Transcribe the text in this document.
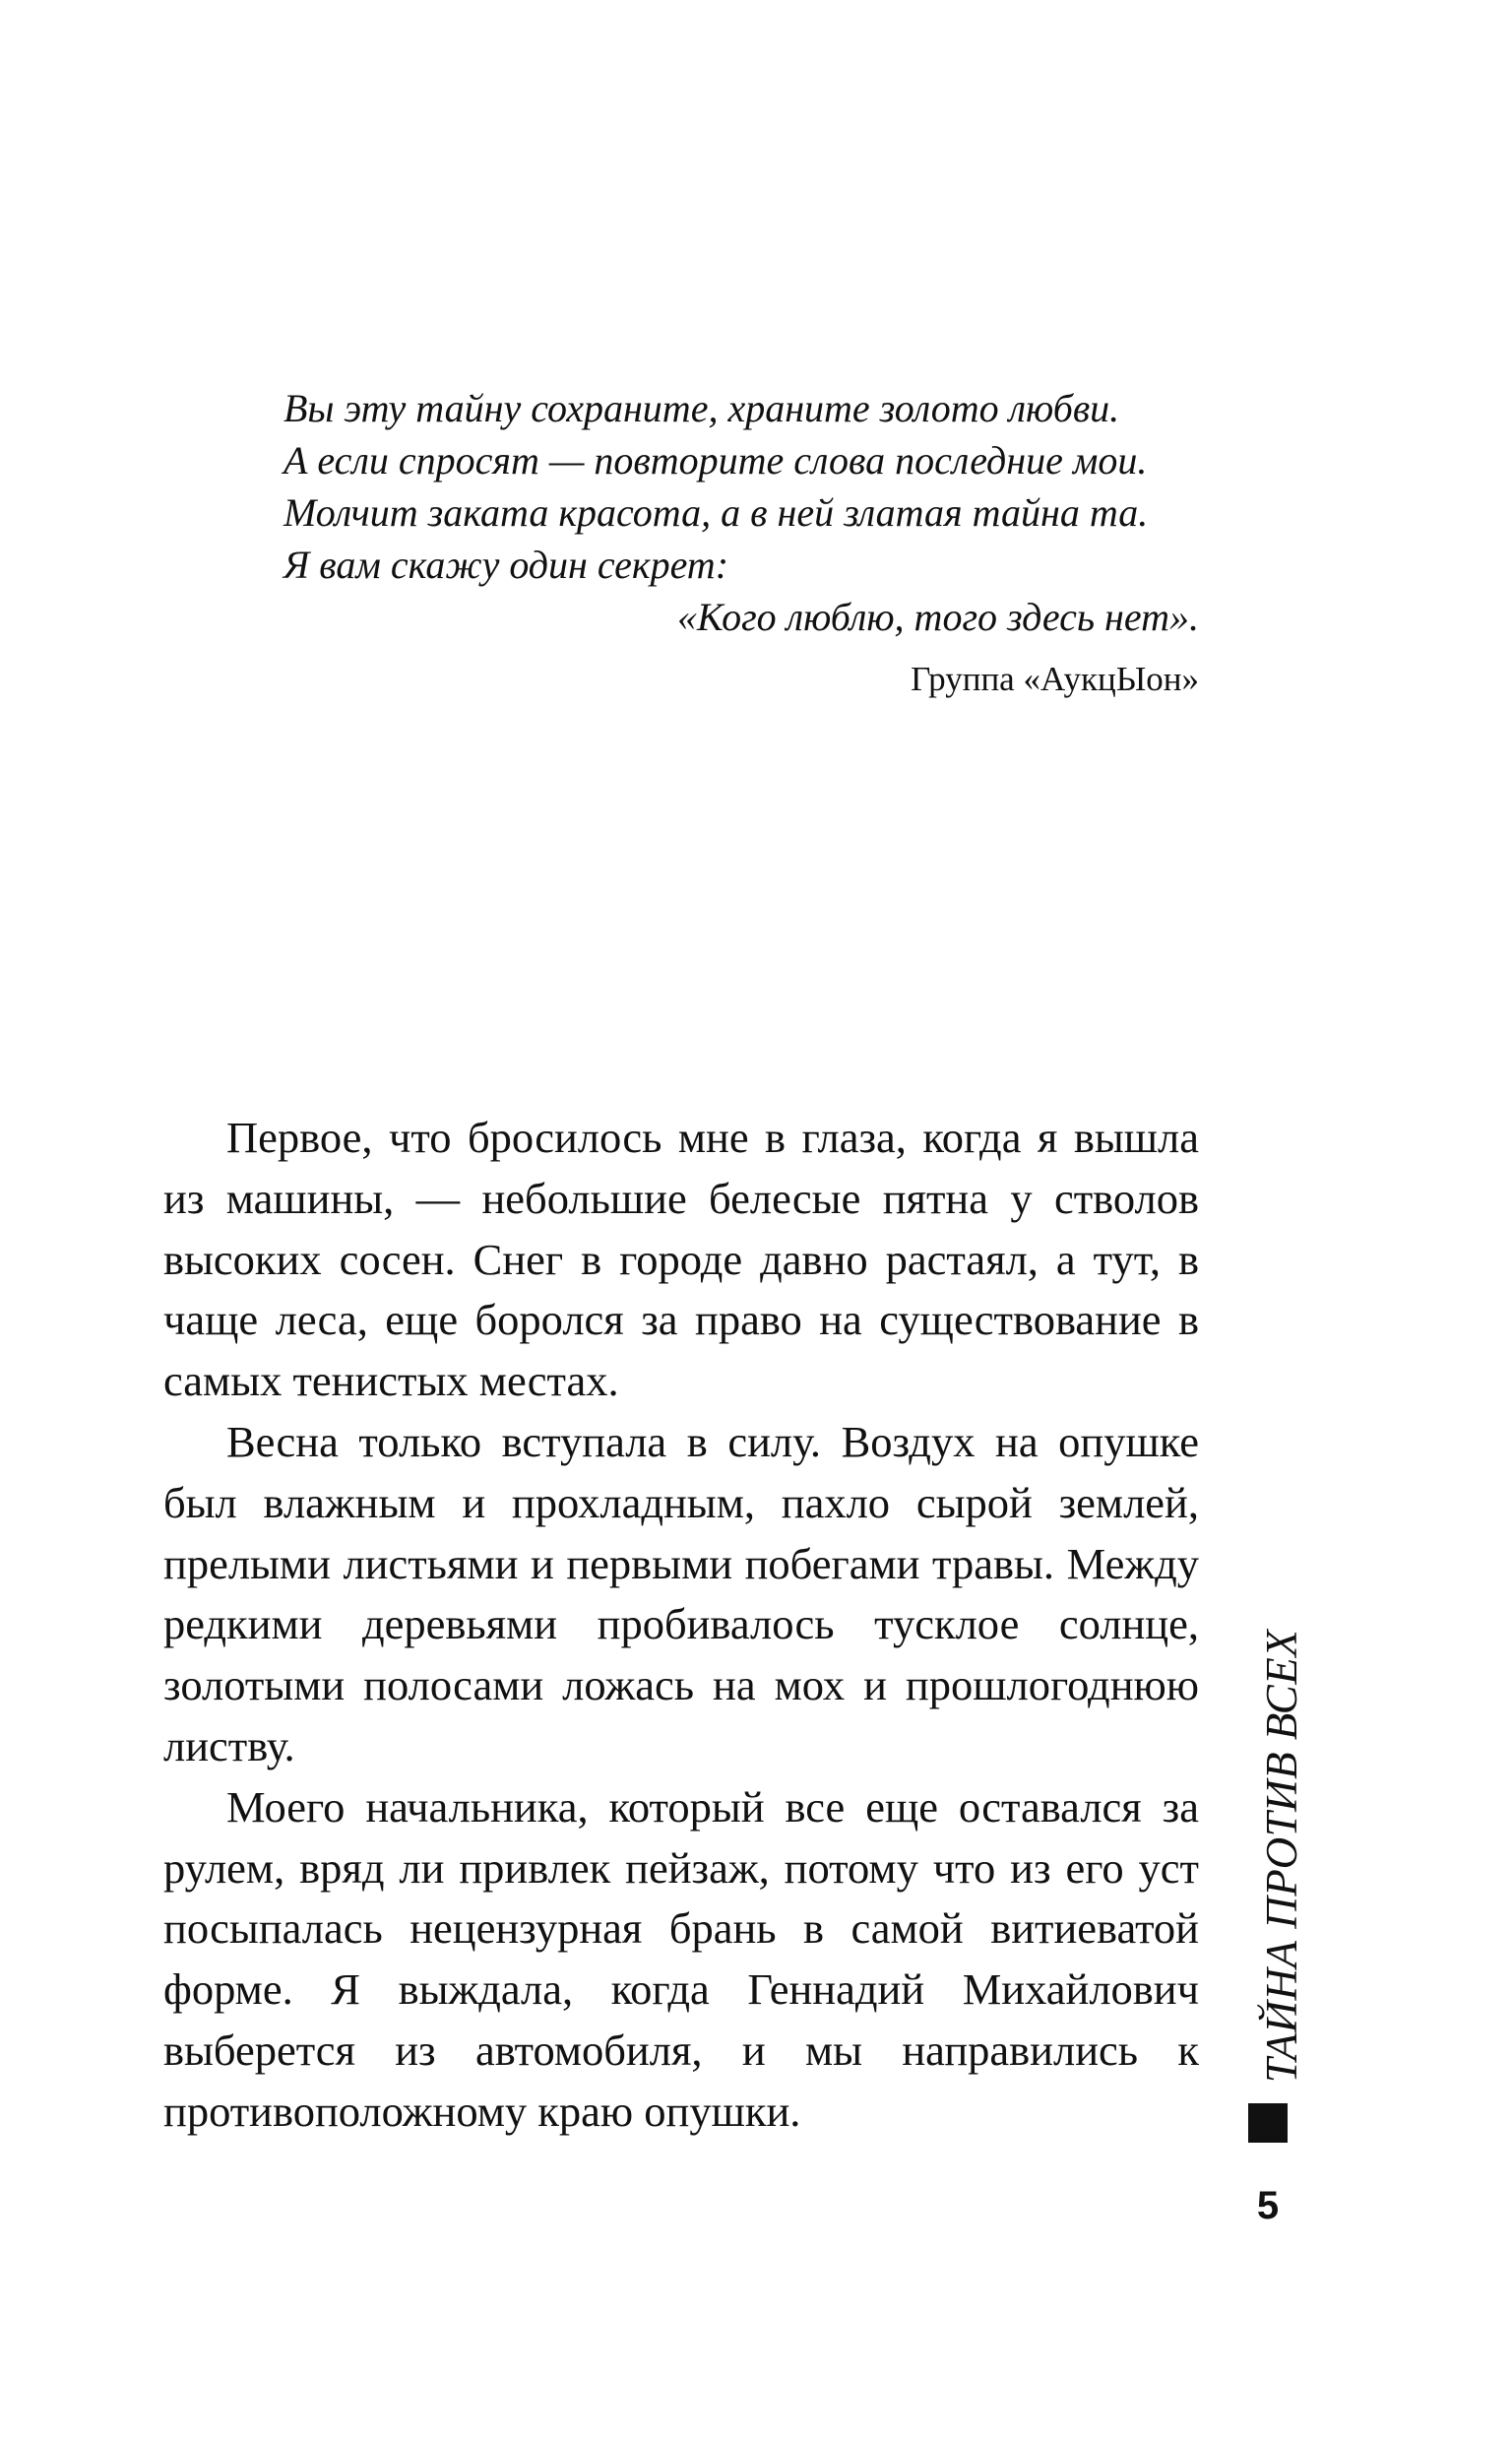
Вы эту тайну сохраните, храните золото любви.
А если спросят — повторите слова последние мои.
Молчит заката красота, а в ней златая тайна та.
Я вам скажу один секрет:
«Кого люблю, того здесь нет».
Группа «АукцЫон»

Первое, что бросилось мне в глаза, когда я вышла из машины, — небольшие белесые пятна у стволов высоких сосен. Снег в городе давно растаял, а тут, в чаще леса, еще боролся за право на существование в самых тенистых местах.

Весна только вступала в силу. Воздух на опушке был влажным и прохладным, пахло сырой землей, прелыми листьями и первыми побегами травы. Между редкими деревьями пробивалось тусклое солнце, золотыми полосами ложась на мох и прошлогоднюю листву.

Моего начальника, который все еще оставался за рулем, вряд ли привлек пейзаж, потому что из его уст посыпалась нецензурная брань в самой витиеватой форме. Я выждала, когда Геннадий Михайлович выберется из автомобиля, и мы направились к противоположному краю опушки.

ТАЙНА ПРОТИВ ВСЕХ
5
